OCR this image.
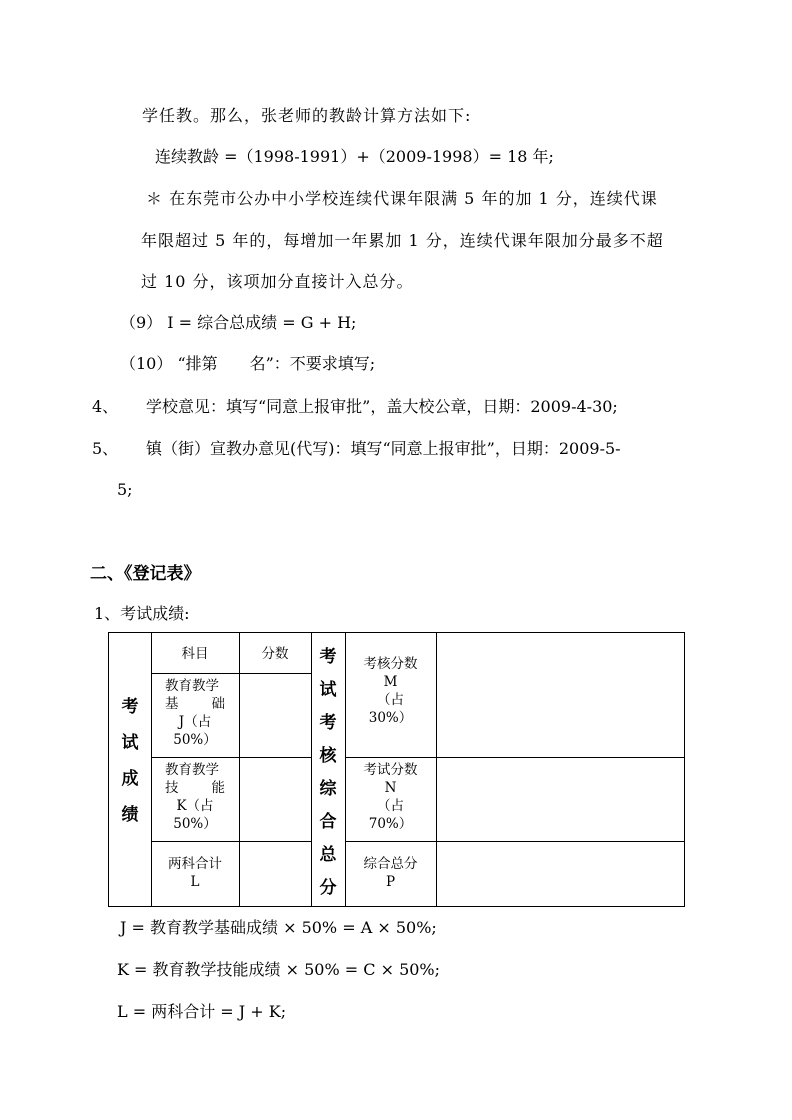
学任教。那么，张老师的教龄计算方法如下:
连续教龄 =（1998-1991）+（2009-1998）= 18 年;
＊ 在东莞市公办中小学校连续代课年限满 5 年的加 1 分，连续代课
年限超过 5 年的，每增加一年累加 1 分，连续代课年限加分最多不超
过 10 分，该项加分直接计入总分。
（9） I = 综合总成绩 = G + H;
（10） “排第　　名”：不要求填写;
4、 学校意见：填写“同意上报审批”，盖大校公章，日期：2009-4-30;
5、 镇（街）宣教办意见(代写)：填写“同意上报审批”，日期：2009-5-
5;
二、《登记表》
1、考试成绩:
考
试
成
绩
科目	分数
教育教学
基 础
J（占
50%）
教育教学
技 能
K（占
50%）
两科合计
L
考
试
考
核
综
合
总
分
考核分数
M
（占
30%）
考试分数
N
（占
70%）
综合总分
P
J = 教育教学基础成绩 × 50% = A × 50%;
K = 教育教学技能成绩 × 50% = C × 50%;
L = 两科合计 = J + K;
